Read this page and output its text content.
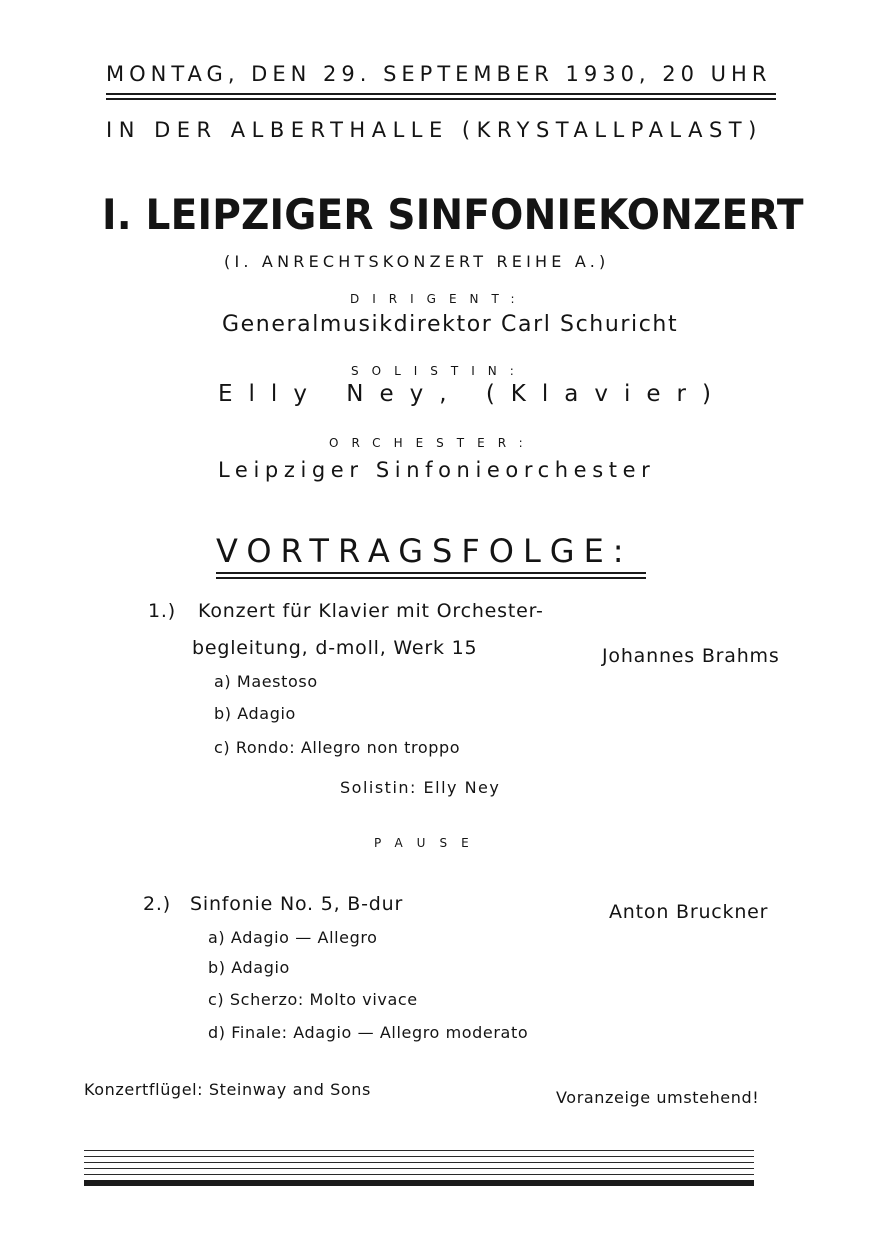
MONTAG, DEN 29. SEPTEMBER 1930, 20 UHR
IN DER ALBERTHALLE (KRYSTALLPALAST)
I. LEIPZIGER SINFONIEKONZERT
(I. ANRECHTSKONZERT REIHE A.)
DIRIGENT:
Generalmusikdirektor Carl Schuricht
SOLISTIN:
Elly Ney, (Klavier)
ORCHESTER:
Leipziger Sinfonieorchester
VORTRAGSFOLGE:
1.) Konzert für Klavier mit Orchester-
begleitung, d-moll, Werk 15	Johannes Brahms
a) Maestoso
b) Adagio
c) Rondo: Allegro non troppo
Solistin: Elly Ney
PAUSE
2.) Sinfonie No. 5, B-dur	Anton Bruckner
a) Adagio — Allegro
b) Adagio
c) Scherzo: Molto vivace
d) Finale: Adagio — Allegro moderato
Konzertflügel: Steinway and Sons	Voranzeige umstehend!
